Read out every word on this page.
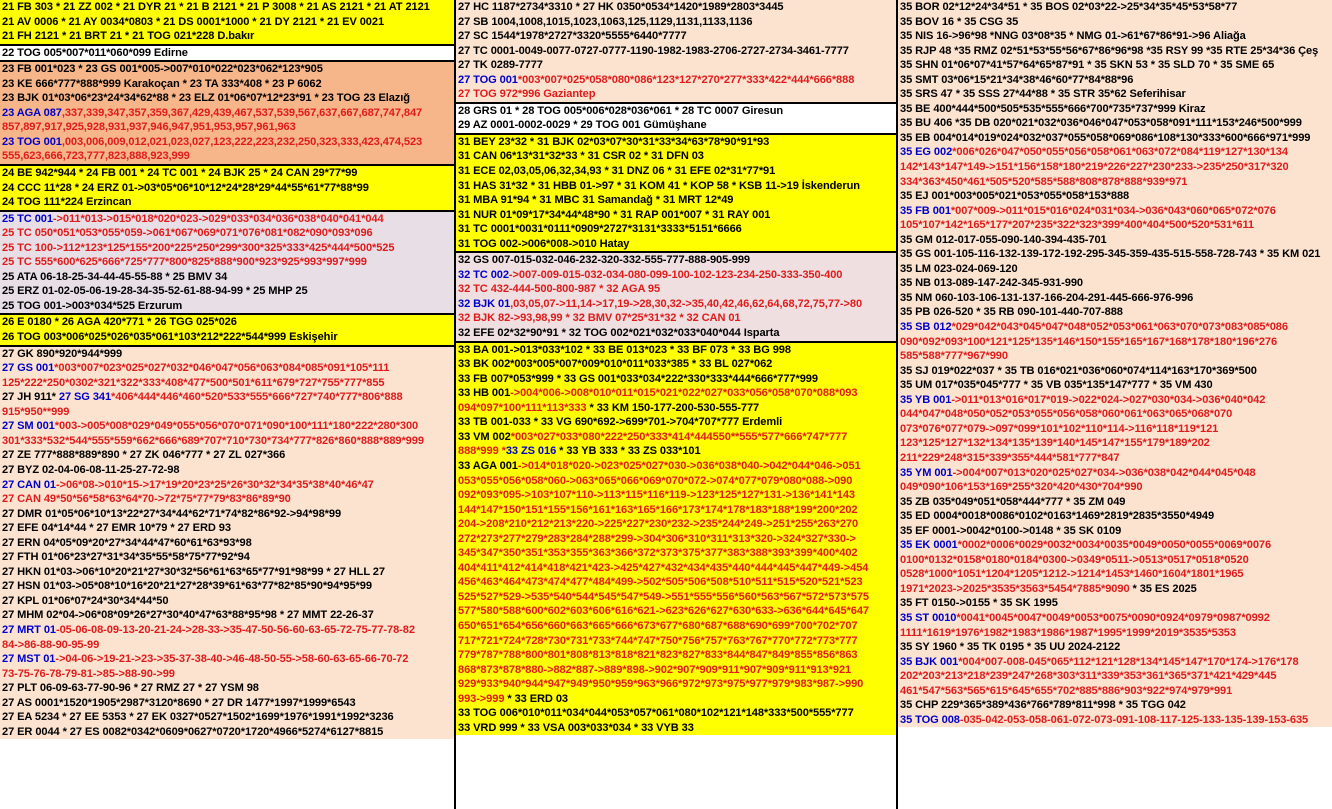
21 FB 303 * 21 ZZ 002 * 21 DYR 21 * 21 B 2121 * 21 P 3008 * 21 AS 2121 * 21 AT 2121
21 AV 0006 * 21 AY 0034*0803 * 21 DS 0001*1000 * 21 DY 2121 * 21 EV 0021
21 FH 2121 * 21 BRT 21 * 21 TOG 021*228 D.bakır
22 TOG 005*007*011*060*099 Edirne
23 FB 001*023 * 23 GS 001*005->007*010*022*023*062*123*905
23 KE 666*777*888*999 Karakoçan * 23 TA 333*408 * 23 P 6062
23 BJK 01*03*06*23*24*34*62*88 * 23 ELZ 01*06*07*12*23*91 * 23 TOG 23 Elazığ
23 AGA 087,337,339,347,357,359,367,429,439,467,537,539,567,637,667,687,747,847
857,897,917,925,928,931,937,946,947,951,953,957,961,963
23 TOG 001,003,006,009,012,021,023,027,123,222,223,232,250,323,333,423,474,523
555,623,666,723,777,823,888,923,999
24 BE 942*944 * 24 FB 001 * 24 TC 001 * 24 BJK 25 * 24 CAN 29*77*99
24 CCC 11*28 * 24 ERZ 01->03*05*06*10*12*24*28*29*44*55*61*77*88*99
24 TOG 111*224 Erzincan
25 TC 001->011*013->015*018*020*023->029*033*034*036*038*040*041*044
25 TC 050*051*053*055*059->061*067*069*071*076*081*082*090*093*096
25 TC 100->112*123*125*155*200*225*250*299*300*325*333*425*444*500*525
25 TC 555*600*625*666*725*777*800*825*888*900*923*925*993*997*999
25 ATA 06-18-25-34-44-45-55-88 * 25 BMV 34
25 ERZ 01-02-05-06-19-28-34-35-52-61-88-94-99 * 25 MHP 25
25 TOG 001->003*034*525 Erzurum
26 E 0180 * 26 AGA 420*771 * 26 TGG 025*026
26 TOG 003*006*025*026*035*061*103*212*222*544*999 Eskişehir
27 GK 890*920*944*999
27 GS 001*003*007*023*025*027*032*046*047*056*063*084*085*091*105*111
125*222*250*0302*321*322*333*408*477*500*501*611*679*727*755*777*855
27 JH 911* 27 SG 341*406*444*446*460*520*533*555*666*727*740*777*806*888
915*950**999
27 SM 001*003->005*008*029*049*055*056*070*071*090*100*111*180*222*280*300
301*333*532*544*555*559*662*666*689*707*710*730*734*777*826*860*888*889*999
27 ZE 777*888*889*890 * 27 ZK 046*777 * 27 ZL 027*366
27 BYZ 02-04-06-08-11-25-27-72-98
27 CAN 01->06*08->010*15->17*19*20*23*25*26*30*32*34*35*38*40*46*47
27 CAN 49*50*56*58*63*64*70->72*75*77*79*83*86*89*90
27 DMR 01*05*06*10*13*22*27*34*44*62*71*74*82*86*92->94*98*99
27 EFE 04*14*44 * 27 EMR 10*79 * 27 ERD 93
27 ERN 04*05*09*20*27*34*44*47*60*61*63*93*98
27 FTH 01*06*23*27*31*34*35*55*58*75*77*92*94
27 HKN 01*03->06*10*20*21*27*30*32*56*61*63*65*77*91*98*99 * 27 HLL 27
27 HSN 01*03->05*08*10*16*20*21*27*28*39*61*63*77*82*85*90*94*95*99
27 KPL 01*06*07*24*30*34*44*50
27 MHM 02*04->06*08*09*26*27*30*40*47*63*88*95*98 * 27 MMT 22-26-37
27 MRT 01-05-06-08-09-13-20-21-24->28-33->35-47-50-56-60-63-65-72-75-77-78-82
84->86-88-90-95-99
27 MST 01->04-06->19-21->23->35-37-38-40->46-48-50-55->58-60-63-65-66-70-72
73-75-76-78-79-81->85->88-90->99
27 PLT 06-09-63-77-90-96 * 27 RMZ 27 * 27 YSM 98
27 AS 0001*1520*1905*2987*3120*8690 * 27 DR 1477*1997*1999*6543
27 EA 5234 * 27 EE 5353 * 27 EK 0327*0527*1502*1699*1976*1991*1992*3236
27 ER 0044 * 27 ES 0082*0342*0609*0627*0720*1720*4966*5274*6127*8815
27 HC 1187*2734*3310 * 27 HK 0350*0534*1420*1989*2803*3445
27 SB 1004,1008,1015,1023,1063,125,1129,1131,1133,1136
27 SC 1544*1978*2727*3320*5555*6440*7777
27 TC 0001-0049-0077-0727-0777-1190-1982-1983-2706-2727-2734-3461-7777
27 TK 0289-7777
27 TOG 001*003*007*025*058*080*086*123*127*270*277*333*422*444*666*888
27 TOG 972*996 Gaziantep
28 GRS 01 * 28 TOG 005*006*028*036*061 * 28 TC 0007 Giresun
29 AZ 0001-0002-0029 * 29 TOG 001 Gümüşhane
31 BEY 23*32 * 31 BJK 02*03*07*30*31*33*34*63*78*90*91*93
31 CAN 06*13*31*32*33 * 31 CSR 02 * 31 DFN 03
31 ECE 02,03,05,06,32,34,93 * 31 DNZ 06 * 31 EFE 02*31*77*91
31 HAS 31*32 * 31 HBB 01->97 * 31 KOM 41 * KOP 58 * KSB 11->19 İskenderun
31 MBA 91*94 * 31 MBC 31 Samandağ * 31 MRT 12*49
31 NUR 01*09*17*34*44*48*90 * 31 RAP 001*007 * 31 RAY 001
31 TC 0001*0031*0111*0909*2727*3131*3333*5151*6666
31 TOG 002->006*008->010 Hatay
32 GS 007-015-032-046-232-320-332-555-777-888-905-999
32 TC 002->007-009-015-032-034-080-099-100-102-123-234-250-333-350-400
32 TC 432-444-500-800-987 * 32 AGA 95
32 BJK 01,03,05,07->11,14->17,19->28,30,32->35,40,42,46,62,64,68,72,75,77->80
32 BJK 82->93,98,99 * 32 BMV 07*25*31*32 * 32 CAN 01
32 EFE 02*32*90*91 * 32 TOG 002*021*032*033*040*044 Isparta
33 BA 001->013*033*102 * 33 BE 013*023 * 33 BF 073 * 33 BG 998
33 BK 002*003*005*007*009*010*011*033*385 * 33 BL 027*062
33 FB 007*053*999 * 33 GS 001*033*034*222*330*333*444*666*777*999
33 HB 001->004*006->008*010*011*015*021*022*027*033*056*058*070*088*093
094*097*100*111*113*333 * 33 KM 150-177-200-530-555-777
33 TB 001-033 * 33 VG 690*692->699*701->704*707*777 Erdemli
33 VM 002*003*027*033*080*222*250*333*414*444550**555*577*666*747*777
888*999 *33 ZS 016 * 33 YB 333 * 33 ZS 033*101
33 AGA 001->014*018*020->023*025*027*030->036*038*040->042*044*046->051
053*055*056*058*060->063*065*066*069*070*072->074*077*079*080*088->090
092*093*095->103*107*110->113*115*116*119->123*125*127*131->136*141*143
144*147*150*151*155*156*161*163*165*166*173*174*178*183*188*199*200*202
204->208*210*212*213*220->225*227*230*232->235*244*249->251*255*263*270
272*273*277*279*283*284*288*299->304*306*310*311*313*320->324*327*330->
345*347*350*351*353*355*363*366*372*373*375*377*383*388*393*399*400*402
404*411*412*414*418*421*423->425*427*432*434*435*440*444*445*447*449->454
456*463*464*473*474*477*484*499->502*505*506*508*510*511*515*520*521*523
525*527*529->535*540*544*545*547*549->551*555*556*560*563*567*572*573*575
577*580*588*600*602*603*606*616*621->623*626*627*630*633->636*644*645*647
650*651*654*656*660*663*665*666*673*677*680*687*688*690*699*700*702*707
717*721*724*728*730*731*733*744*747*750*756*757*763*767*770*772*773*777
779*787*788*800*801*808*813*818*821*823*827*833*844*847*849*855*856*863
868*873*878*880->882*887->889*898->902*907*909*911*907*909*911*913*921
929*933*940*944*947*949*950*959*963*966*972*973*975*977*979*983*987->990
993->999 * 33 ERD 03
33 TOG 006*010*011*034*044*053*057*061*080*102*121*148*333*500*555*777
33 VRD 999 * 33 VSA 003*033*034 * 33 VYB 33
35 BOR 02*12*24*34*51 * 35 BOS 02*03*22->25*34*35*45*53*58*77
35 BOV 16 * 35 CSG 35
35 NIS 16->96*98 *NNG 03*08*35 * NMG 01->61*67*86*91->96 Aliağa
35 RJP 48 *35 RMZ 02*51*53*55*56*67*86*96*98 *35 RSY 99 *35 RTE 25*34*36 Çeş
35 SHN 01*06*07*41*57*64*65*87*91 * 35 SKN 53 * 35 SLD 70 * 35 SME 65
35 SMT 03*06*15*21*34*38*46*60*77*84*88*96
35 SRS 47 * 35 SSS 27*44*88 * 35 STR 35*62 Seferihisar
35 BE 400*444*500*505*535*555*666*700*735*737*999 Kiraz
35 BU 406 *35 DB 020*021*032*036*046*047*053*058*091*111*153*246*500*999
35 EB 004*014*019*024*032*037*055*058*069*086*108*130*333*600*666*971*999
35 EG 002*006*026*047*050*055*056*058*061*063*072*084*119*127*130*134
142*143*147*149->151*156*158*180*219*226*227*230*233->235*250*317*320
334*363*450*461*505*520*585*588*808*878*888*939*971
35 EJ 001*003*005*021*053*055*058*153*888
35 FB 001*007*009->011*015*016*024*031*034->036*043*060*065*072*076
105*107*142*165*177*207*235*322*323*399*400*404*500*520*531*611
35 GM 012-017-055-090-140-394-435-701
35 GS 001-105-116-132-139-172-192-295-345-359-435-515-558-728-743 * 35 KM 021
35 LM 023-024-069-120
35 NB 013-089-147-242-345-931-990
35 NM 060-103-106-131-137-166-204-291-445-666-976-996
35 PB 026-520 * 35 RB 090-101-440-707-888
35 SB 012*029*042*043*045*047*048*052*053*061*063*070*073*083*085*086
090*092*093*100*121*125*135*146*150*155*165*167*168*178*180*196*276
585*588*777*967*990
35 SJ 019*022*037 * 35 TB 016*021*036*060*074*114*163*170*369*500
35 UM 017*035*045*777 * 35 VB 035*135*147*777 * 35 VM 430
35 YB 001->011*013*016*017*019->022*024->027*030*034->036*040*042
044*047*048*050*052*053*055*056*058*060*061*063*065*068*070
073*076*077*079->097*099*101*102*110*114->116*118*119*121
123*125*127*132*134*135*139*140*145*147*155*179*189*202
211*229*248*315*339*355*444*581*777*847
35 YM 001->004*007*013*020*025*027*034->036*038*042*044*045*048
049*090*106*153*169*255*320*420*430*704*990
35 ZB 035*049*051*058*444*777 * 35 ZM 049
35 ED 0004*0018*0086*0102*0163*1469*2819*2835*3550*4949
35 EF 0001->0042*0100->0148 * 35 SK 0109
35 EK 0001*0002*0006*0029*0032*0034*0035*0049*0050*0055*0069*0076
0100*0132*0158*0180*0184*0300->0349*0511->0513*0517*0518*0520
0528*1000*1051*1204*1205*1212->1214*1453*1460*1604*1801*1965
1971*2023->2025*3535*3563*5454*7885*9090 * 35 ES 2025
35 FT 0150->0155 * 35 SK 1995
35 ST 0010*0041*0045*0047*0049*0053*0075*0090*0924*0979*0987*0992
1111*1619*1976*1982*1983*1986*1987*1995*1999*2019*3535*5353
35 SY 1960 * 35 TK 0195 * 35 UU 2024-2122
35 BJK 001*004*007-008-045*065*112*121*128*134*145*147*170*174->176*178
202*203*213*218*239*247*268*303*311*339*353*361*365*371*421*429*445
461*547*563*565*615*645*655*702*885*886*903*922*974*979*991
35 CHP 229*365*389*436*766*789*811*998 * 35 TGG 042
35 TOG 008-035-042-053-058-061-072-073-091-108-117-125-133-135-139-153-635
